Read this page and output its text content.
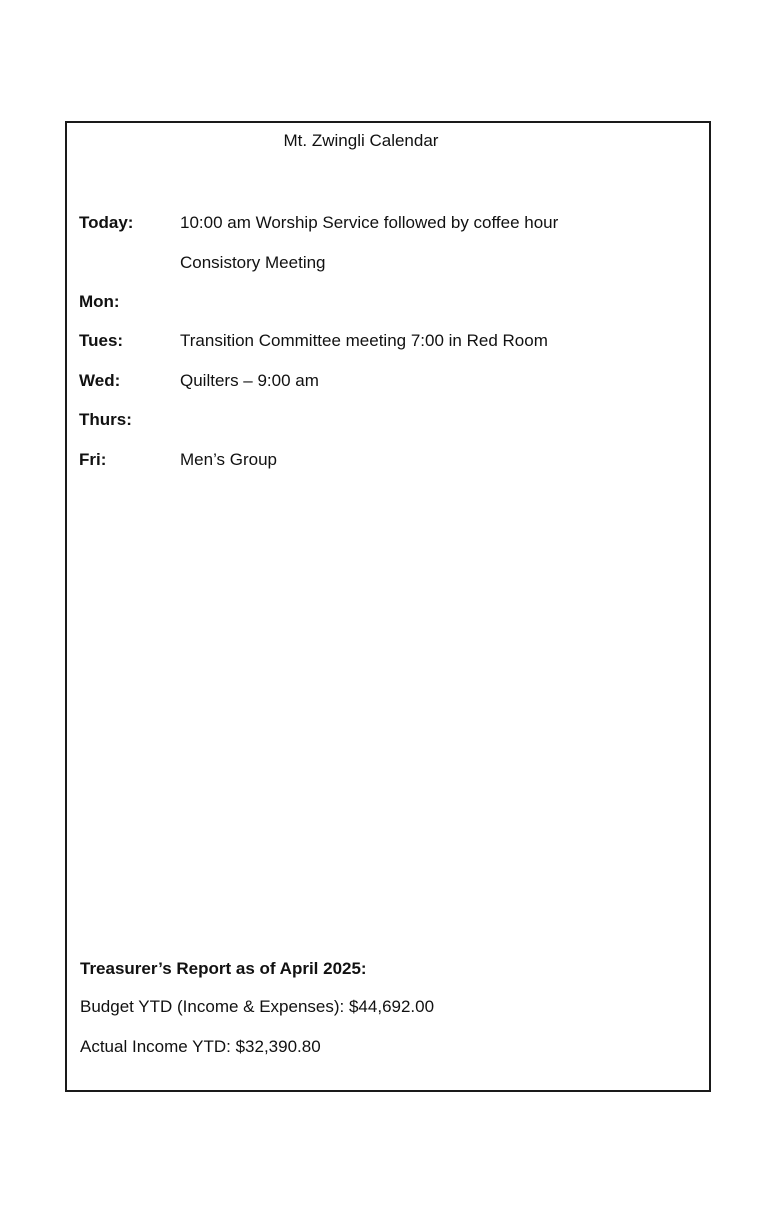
Mt. Zwingli Calendar
Today:	10:00 am Worship Service followed by coffee hour
Consistory Meeting
Mon:
Tues:	Transition Committee meeting 7:00 in Red Room
Wed:	Quilters – 9:00 am
Thurs:
Fri:	Men’s Group
Treasurer’s Report as of April 2025:
Budget YTD (Income & Expenses): $44,692.00
Actual Income YTD: $32,390.80
